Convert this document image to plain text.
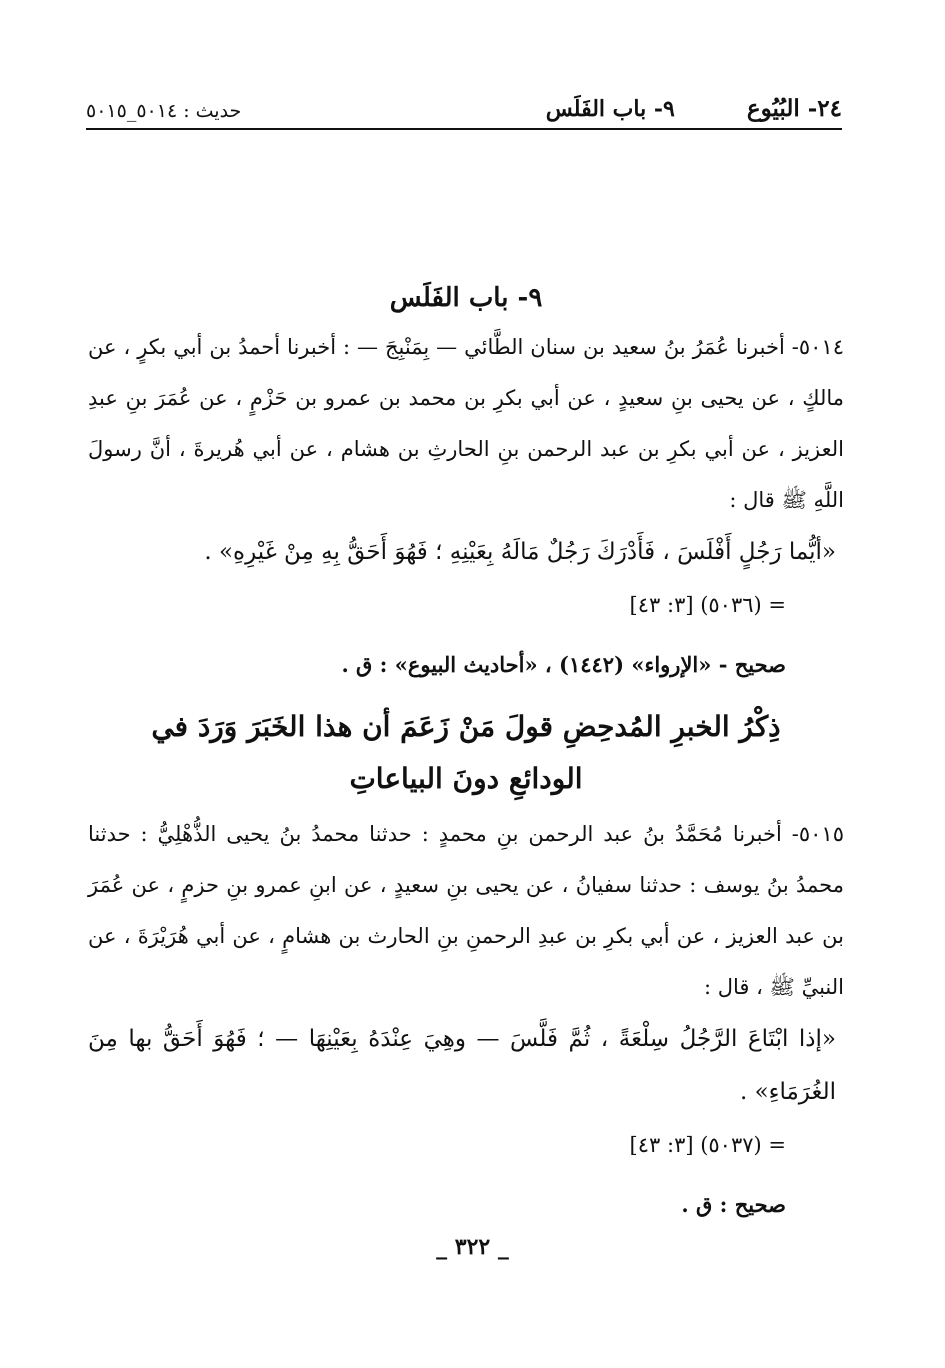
٢٤- البُيُوع
٩- باب الفَلَس
حديث : ٥٠١٤_٥٠١٥
٩- باب الفَلَس

٥٠١٤- أخبرنا عُمَرُ بنُ سعيد بن سنان الطَّائي — بِمَنْبِجَ — : أخبرنا أحمدُ بن أبي بكرٍ ، عن مالكٍ ، عن يحيى بنِ سعيدٍ ، عن أبي بكرِ بن محمد بن عمرو بن حَزْمٍ ، عن عُمَرَ بنِ عبدِ العزيز ، عن أبي بكرِ بن عبد الرحمن بنِ الحارثِ بن هشام ، عن أبي هُريرةَ ، أنَّ رسولَ اللَّهِ ﷺ قال :

«أيُّما رَجُلٍ أَفْلَسَ ، فَأَدْرَكَ رَجُلٌ مَالَهُ بِعَيْنِهِ ؛ فَهُوَ أَحَقُّ بِهِ مِنْ غَيْرِهِ» .

= (٥٠٣٦) [٣: ٤٣]

صحيح - «الإرواء» (١٤٤٢) ، «أحاديث البيوع» : ق .

ذِكْرُ الخبرِ المُدحِضِ قولَ مَنْ زَعَمَ أن هذا الخَبَرَ وَرَدَ في الودائعِ دونَ البياعاتِ

٥٠١٥- أخبرنا مُحَمَّدُ بنُ عبد الرحمن بنِ محمدٍ : حدثنا محمدُ بنُ يحيى الذُّهْلِيُّ : حدثنا محمدُ بنُ يوسف : حدثنا سفيانُ ، عن يحيى بنِ سعيدٍ ، عن ابنِ عمرو بنِ حزمٍ ، عن عُمَرَ بن عبد العزيز ، عن أبي بكرِ بن عبدِ الرحمنِ بنِ الحارث بن هشامٍ ، عن أبي هُرَيْرَةَ ، عن النبيِّ ﷺ ، قال :

«إذا ابْتَاعَ الرَّجُلُ سِلْعَةً ، ثُمَّ فَلَّسَ — وهِيَ عِنْدَهُ بِعَيْنِهَا — ؛ فَهُوَ أَحَقُّ بها مِنَ الغُرَمَاءِ» .

= (٥٠٣٧) [٣: ٤٣]

صحيح : ق .

_ ٣٢٢ _
